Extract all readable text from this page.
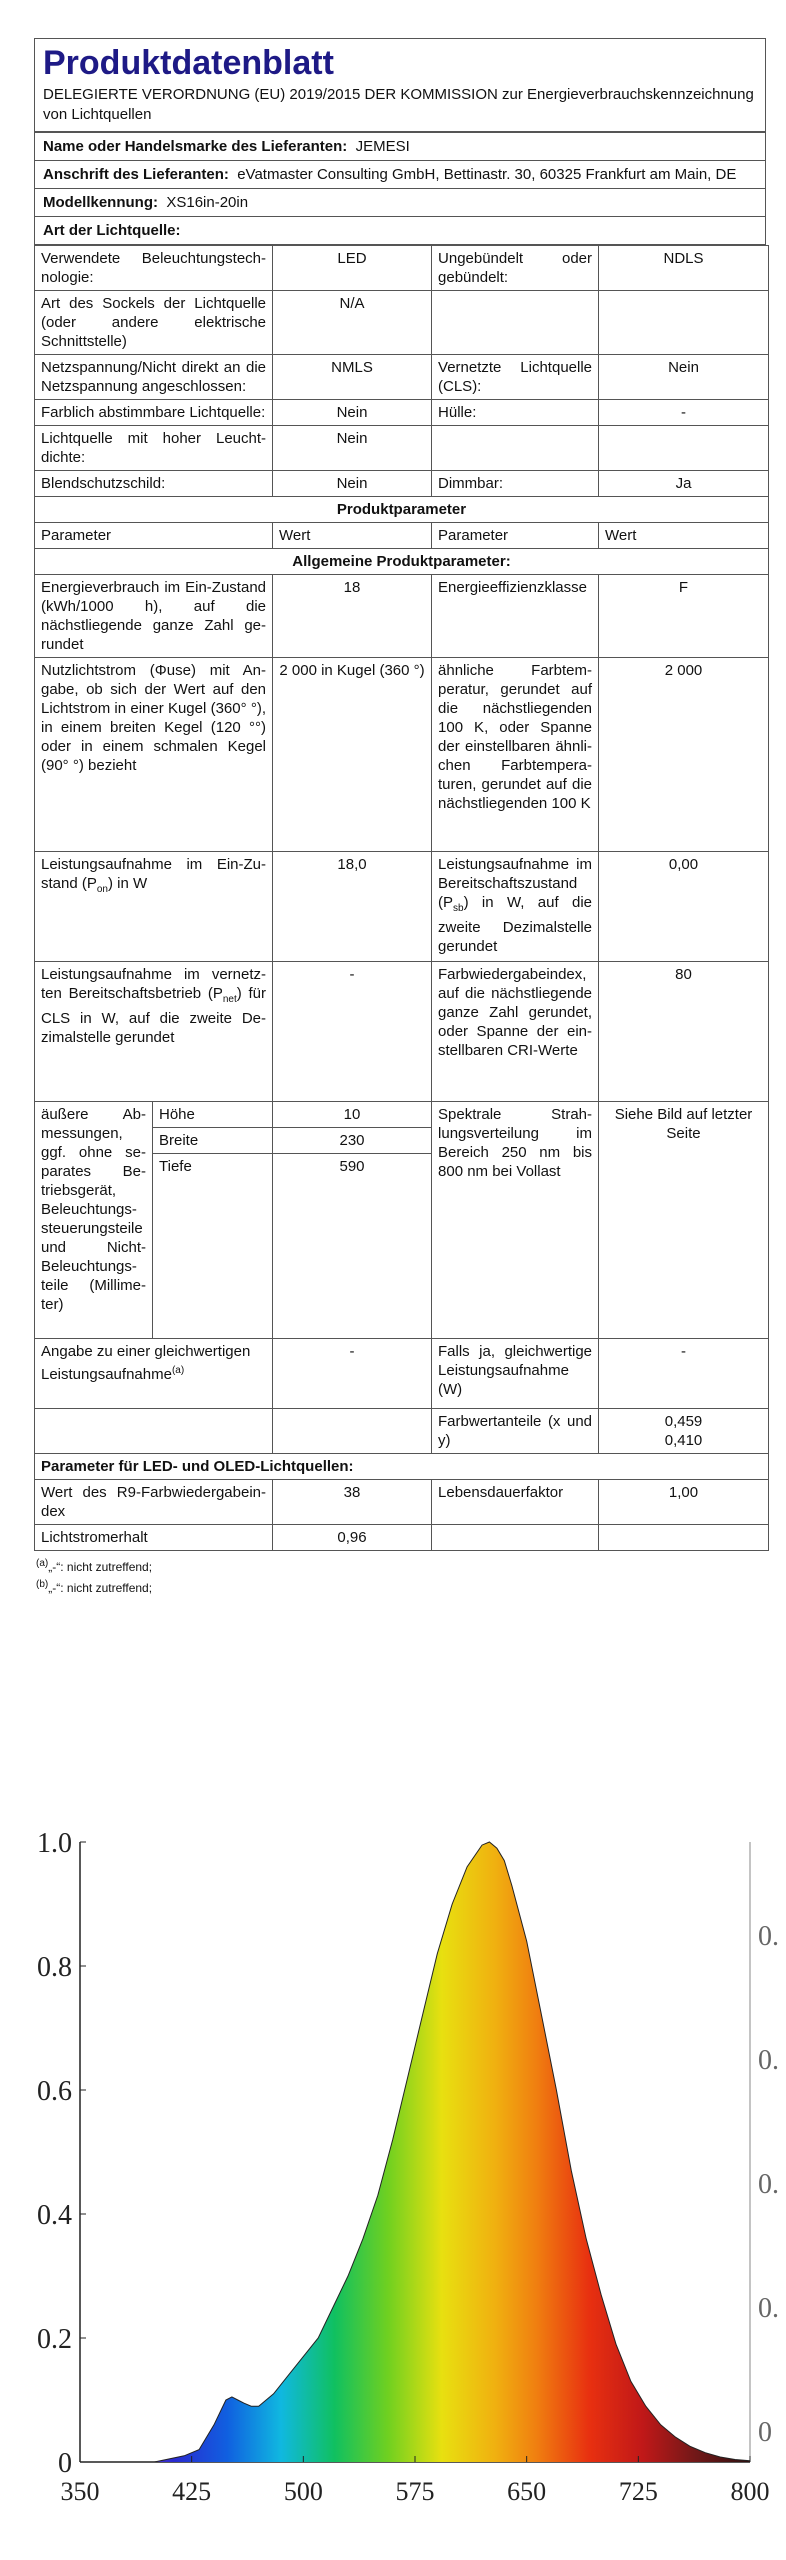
Produktdatenblatt
DELEGIERTE VERORDNUNG (EU) 2019/2015 DER KOMMISSION zur Energieverbrauchskennzeichnung von Lichtquellen
Name oder Handelsmarke des Lieferanten: JEMESI
Anschrift des Lieferanten: eVatmaster Consulting GmbH, Bettinastr. 30, 60325 Frankfurt am Main, DE
Modellkennung: XS16in-20in
Art der Lichtquelle:
Verwendete Beleuchtungstechnologie:		LED	Ungebündelt oder gebündelt:	NDLS
Art des Sockels der Lichtquelle (oder andere elektrische Schnittstelle)		N/A		
Netzspannung/Nicht direkt an die Netzspannung angeschlossen:		NMLS	Vernetzte Lichtquelle (CLS):	Nein
Farblich abstimmbare Lichtquelle:		Nein	Hülle:	-
Lichtquelle mit hoher Leuchtdichte:		Nein		
Blendschutzschild:		Nein	Dimmbar:	Ja
Produktparameter				
Parameter		Wert	Parameter	Wert
Allgemeine Produktparameter:				
Energieverbrauch im Ein-Zustand (kWh/1000 h), auf die nächstliegende ganze Zahl gerundet		18	Energieeffizienzklasse	F
Nutzlichtstrom (Φuse) mit Angabe, ob sich der Wert auf den Lichtstrom in einer Kugel (360° °), in einem breiten Kegel (120 °°) oder in einem schmalen Kegel (90° °) bezieht		2 000 in Kugel (360 °)	ähnliche Farbtemperatur, gerundet auf die nächstliegenden 100 K, oder Spanne der einstellbaren ähnlichen Farbtemperaturen, gerundet auf die nächstliegenden 100 K	2 000
Leistungsaufnahme im Ein-Zustand $(P_{on})$ in W		18,0	Leistungsaufnahme im Bereitschaftszustand $(P_{sb})$ in W, auf die zweite Dezimalstelle gerundet	0,00
Leistungsaufnahme im vernetzten Bereitschaftsbetrieb $(P_{net})$ für CLS in W, auf die zweite Dezimalstelle gerundet		-	Farbwiedergabeindex, auf die nächstliegende ganze Zahl gerundet, oder Spanne der einstellbaren CRI-Werte	80
äußere Abmessungen, ggf. ohne separates Betriebsgerät, Beleuchtungssteuerungsteile und Nicht-Beleuchtungsteile (Millimeter)	Höhe	10	Spektrale Strahlungsverteilung im Bereich 250 nm bis 800 nm bei Vollast	Siehe Bild auf letzter Seite
	Breite	230		
	Tiefe	590		
Angabe zu einer gleichwertigen Leistungsaufnahme$^{(a)}$		-	Falls ja, gleichwertige Leistungsaufnahme (W)	-
			Farbwertanteile (x und y)	0,459
0,410
Parameter für LED- und OLED-Lichtquellen:				
Wert des R9-Farbwiedergabeindex		38	Lebensdauerfaktor	1,00
Lichtstromerhalt		0,96		
$^{(a)}$„-“: nicht zutreffend;
$^{(b)}$„-“: nicht zutreffend;
350	425	500	575	650	725	800
0
0.2
0.4
0.6
0.8
1.0
0
0.
0.
0.
0.
